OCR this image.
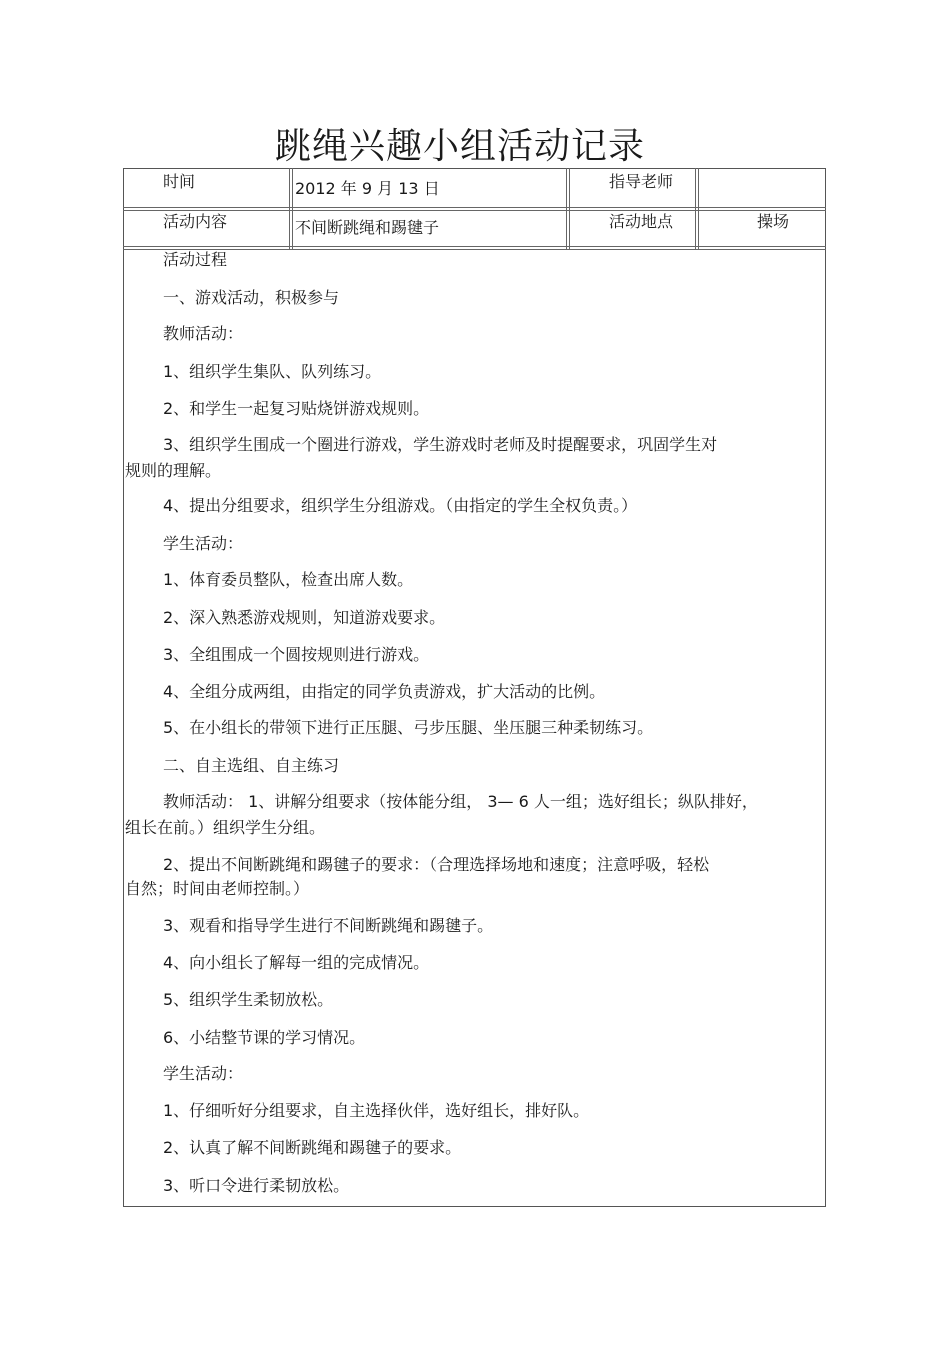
跳绳兴趣小组活动记录
时间	2012 年 9 月 13 日	指导老师
活动内容	不间断跳绳和踢毽子	活动地点	操场
活动过程
一、游戏活动，积极参与
教师活动：
1、组织学生集队、队列练习。
2、和学生一起复习贴烧饼游戏规则。
3、组织学生围成一个圈进行游戏，学生游戏时老师及时提醒要求，巩固学生对
规则的理解。
4、提出分组要求，组织学生分组游戏。（由指定的学生全权负责。）
学生活动：
1、体育委员整队，检查出席人数。
2、深入熟悉游戏规则，知道游戏要求。
3、全组围成一个圆按规则进行游戏。
4、全组分成两组，由指定的同学负责游戏，扩大活动的比例。
5、在小组长的带领下进行正压腿、弓步压腿、坐压腿三种柔韧练习。
二、自主选组、自主练习
教师活动： 1、讲解分组要求（按体能分组， 3— 6 人一组；选好组长；纵队排好，
组长在前。）组织学生分组。
2、提出不间断跳绳和踢毽子的要求：（合理选择场地和速度；注意呼吸，轻松
自然；时间由老师控制。）
3、观看和指导学生进行不间断跳绳和踢毽子。
4、向小组长了解每一组的完成情况。
5、组织学生柔韧放松。
6、小结整节课的学习情况。
学生活动：
1、仔细听好分组要求，自主选择伙伴，选好组长，排好队。
2、认真了解不间断跳绳和踢毽子的要求。
3、听口令进行柔韧放松。
